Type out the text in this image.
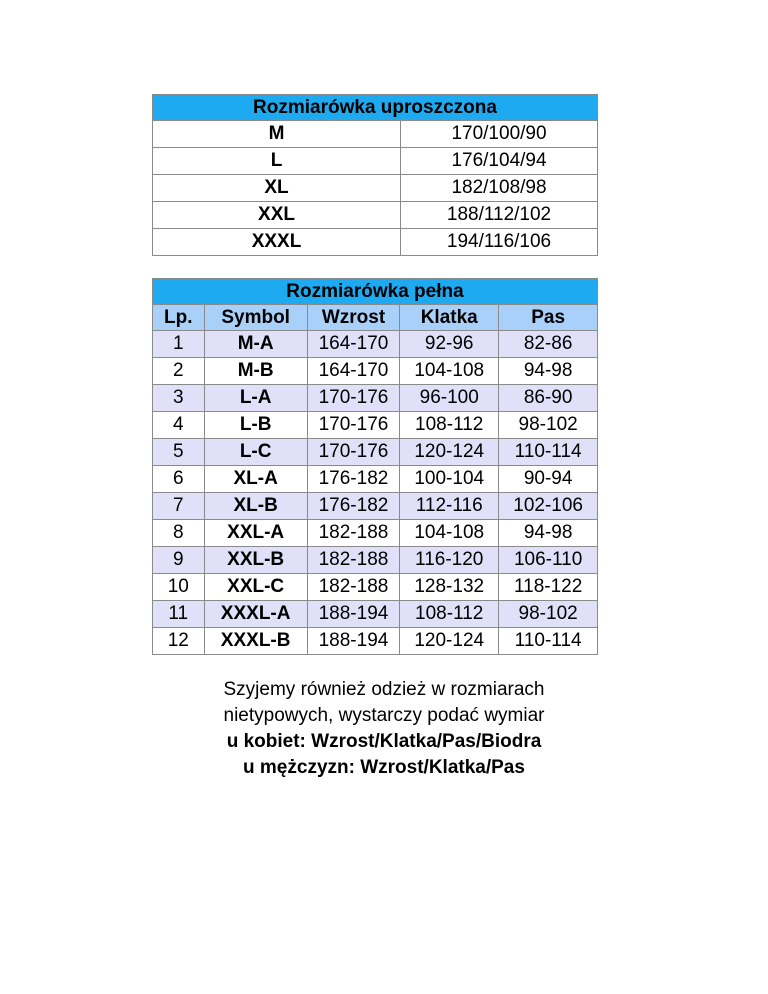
Rozmiarówka uproszczona	
M	170/100/90
L	176/104/94
XL	182/108/98
XXL	188/112/102
XXXL	194/116/106
Rozmiarówka pełna				
Lp.	Symbol	Wzrost	Klatka	Pas
1	M-A	164-170	92-96	82-86
2	M-B	164-170	104-108	94-98
3	L-A	170-176	96-100	86-90
4	L-B	170-176	108-112	98-102
5	L-C	170-176	120-124	110-114
6	XL-A	176-182	100-104	90-94
7	XL-B	176-182	112-116	102-106
8	XXL-A	182-188	104-108	94-98
9	XXL-B	182-188	116-120	106-110
10	XXL-C	182-188	128-132	118-122
11	XXXL-A	188-194	108-112	98-102
12	XXXL-B	188-194	120-124	110-114
Szyjemy również odzież w rozmiarach
nietypowych, wystarczy podać wymiar
u kobiet: Wzrost/Klatka/Pas/Biodra
u mężczyzn: Wzrost/Klatka/Pas
